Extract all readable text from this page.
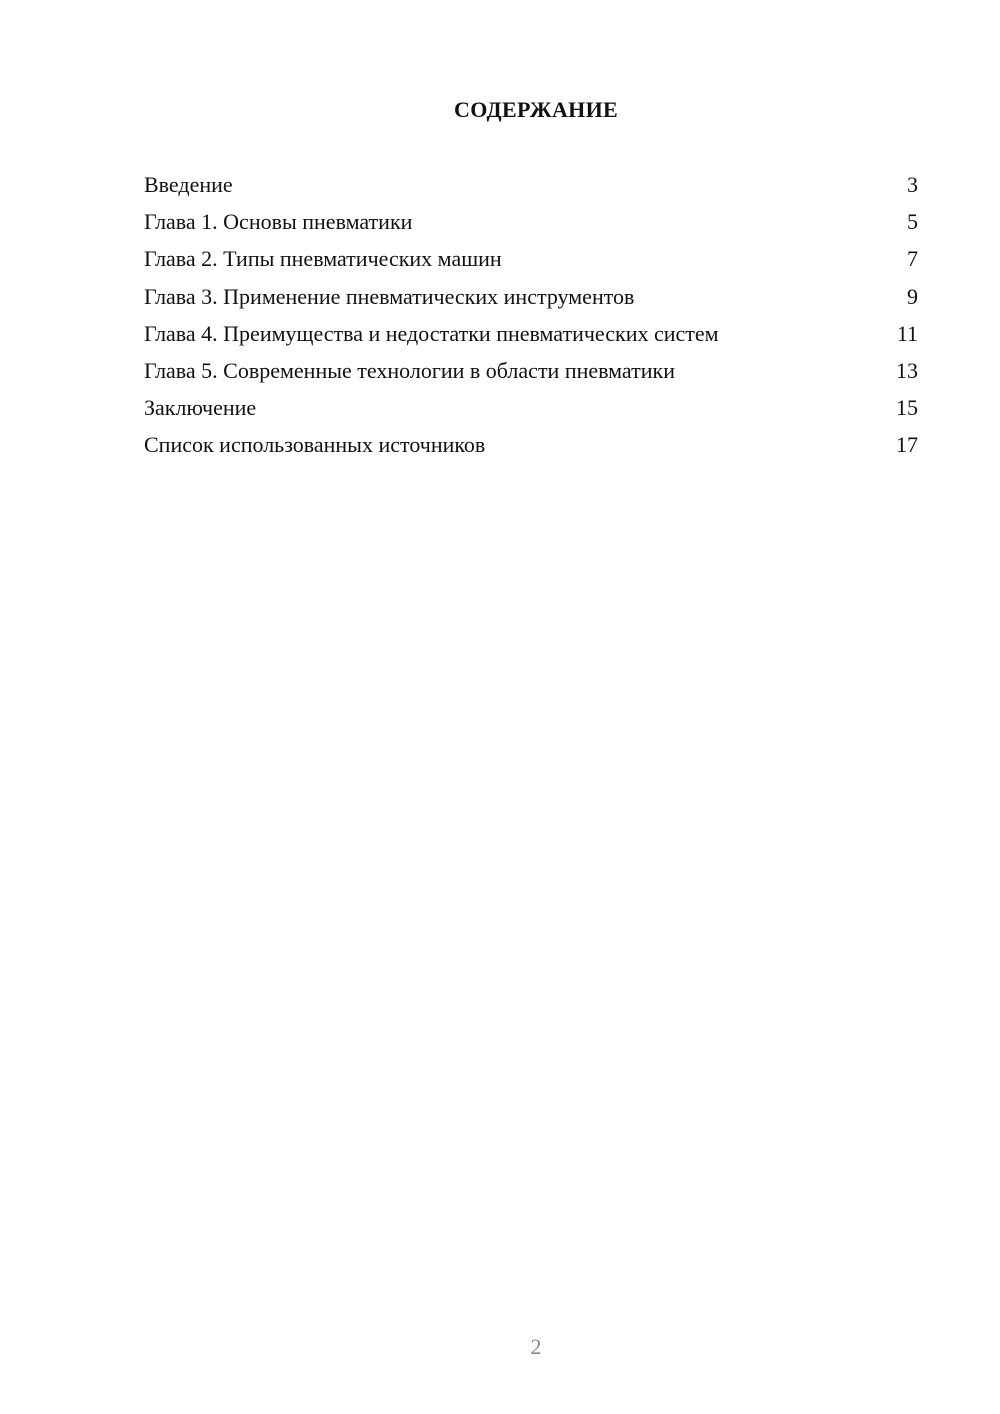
СОДЕРЖАНИЕ
Введение	3
Глава 1. Основы пневматики	5
Глава 2. Типы пневматических машин	7
Глава 3. Применение пневматических инструментов	9
Глава 4. Преимущества и недостатки пневматических систем	11
Глава 5. Современные технологии в области пневматики	13
Заключение	15
Список использованных источников	17
2
